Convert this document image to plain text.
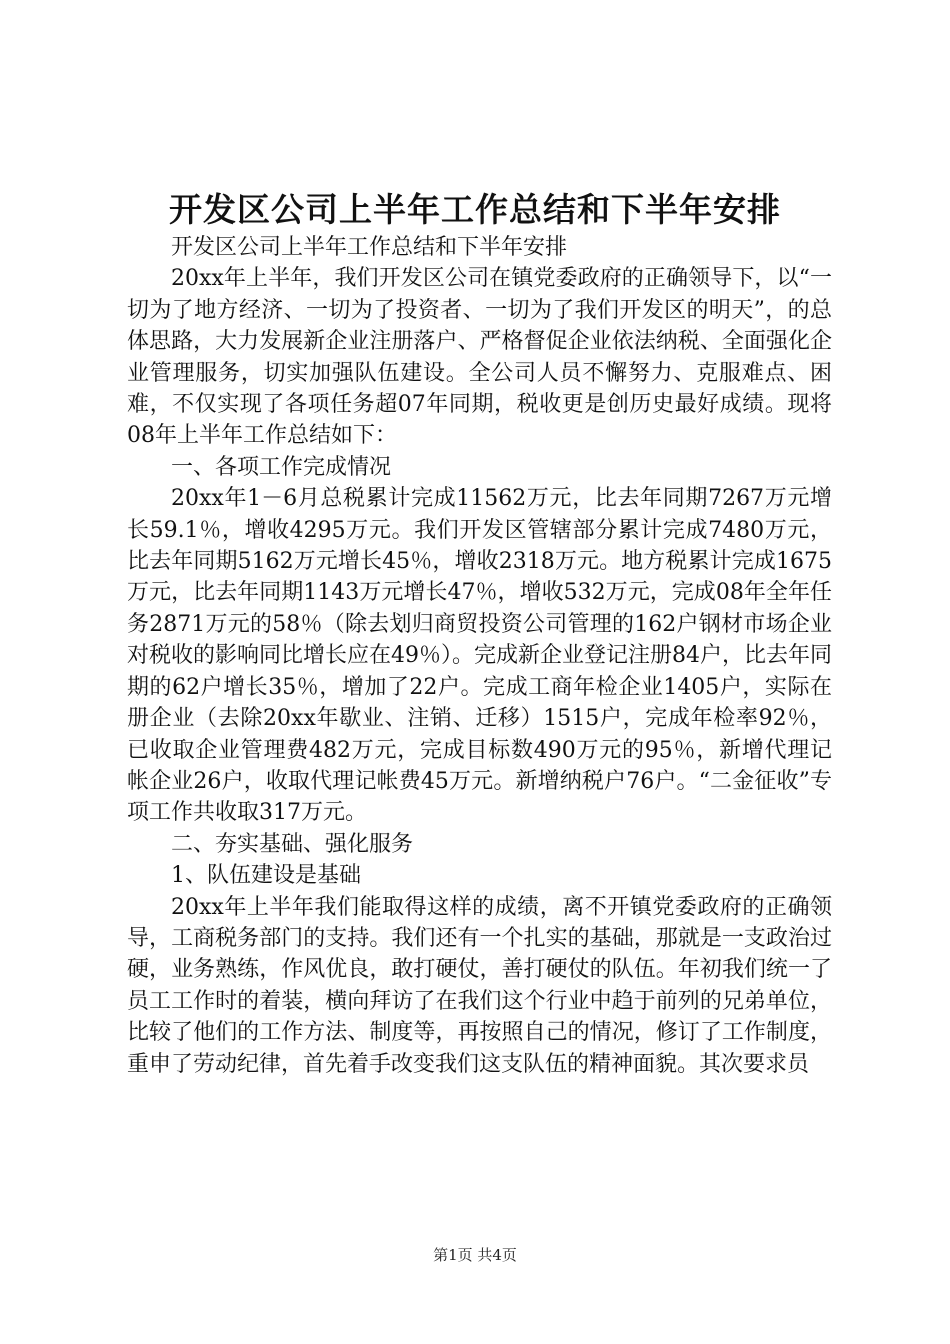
开发区公司上半年工作总结和下半年安排

开发区公司上半年工作总结和下半年安排

20xx年上半年，我们开发区公司在镇党委政府的正确领导下，以“一切为了地方经济、一切为了投资者、一切为了我们开发区的明天”，的总体思路，大力发展新企业注册落户、严格督促企业依法纳税、全面强化企业管理服务，切实加强队伍建设。全公司人员不懈努力、克服难点、困难，不仅实现了各项任务超07年同期，税收更是创历史最好成绩。现将08年上半年工作总结如下：

一、各项工作完成情况

20xx年1－6月总税累计完成11562万元，比去年同期7267万元增长59.1％，增收4295万元。我们开发区管辖部分累计完成7480万元，比去年同期5162万元增长45％，增收2318万元。地方税累计完成1675万元，比去年同期1143万元增长47％，增收532万元，完成08年全年任务2871万元的58％（除去划归商贸投资公司管理的162户钢材市场企业对税收的影响同比增长应在49％）。完成新企业登记注册84户，比去年同期的62户增长35％，增加了22户。完成工商年检企业1405户，实际在册企业（去除20xx年歇业、注销、迁移）1515户，完成年检率92％，已收取企业管理费482万元，完成目标数490万元的95％，新增代理记帐企业26户，收取代理记帐费45万元。新增纳税户76户。“二金征收”专项工作共收取317万元。

二、夯实基础、强化服务

1、队伍建设是基础

20xx年上半年我们能取得这样的成绩，离不开镇党委政府的正确领导，工商税务部门的支持。我们还有一个扎实的基础，那就是一支政治过硬，业务熟练，作风优良，敢打硬仗，善打硬仗的队伍。年初我们统一了员工工作时的着装，横向拜访了在我们这个行业中趋于前列的兄弟单位，比较了他们的工作方法、制度等，再按照自己的情况，修订了工作制度，重申了劳动纪律，首先着手改变我们这支队伍的精神面貌。其次要求员

第1页 共4页
